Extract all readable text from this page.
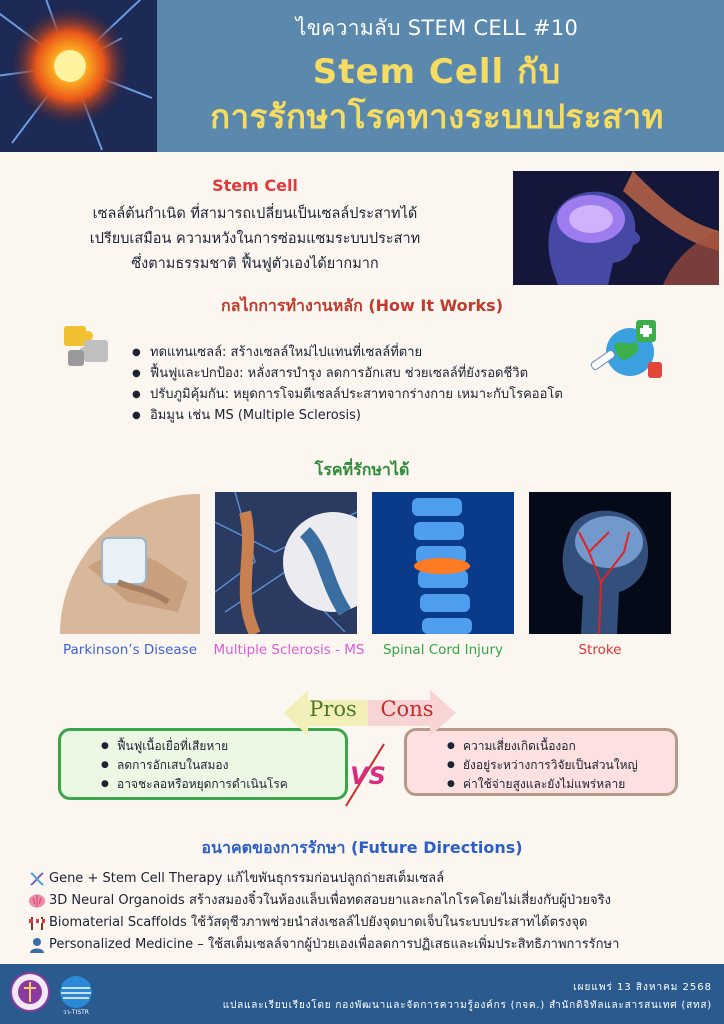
ไขความลับ STEM CELL #10
Stem Cell กับ
การรักษาโรคทางระบบประสาท
Stem Cell
เซลล์ต้นกำเนิด ที่สามารถเปลี่ยนเป็นเซลล์ประสาทได้
เปรียบเสมือน ความหวังในการซ่อมแซมระบบประสาท
ซึ่งตามธรรมชาติ ฟื้นฟูตัวเองได้ยากมาก
กลไกการทำงานหลัก (How It Works)
● ทดแทนเซลล์: สร้างเซลล์ใหม่ไปแทนที่เซลล์ที่ตาย
● ฟื้นฟูและปกป้อง: หลั่งสารบำรุง ลดการอักเสบ ช่วยเซลล์ที่ยังรอดชีวิต
● ปรับภูมิคุ้มกัน: หยุดการโจมตีเซลล์ประสาทจากร่างกาย เหมาะกับโรคออโต
● อิมมูน เช่น MS (Multiple Sclerosis)
โรคที่รักษาได้
Parkinson’s Disease	Multiple Sclerosis - MS	Spinal Cord Injury	Stroke
● ฟื้นฟูเนื้อเยื่อที่เสียหาย
● ลดการอักเสบในสมอง
● อาจชะลอหรือหยุดการดำเนินโรค
● ความเสี่ยงเกิดเนื้องอก
● ยังอยู่ระหว่างการวิจัยเป็นส่วนใหญ่
● ค่าใช้จ่ายสูงและยังไม่แพร่หลาย
Pros	Cons
VS
อนาคตของการรักษา (Future Directions)
Gene + Stem Cell Therapy แก้ไขพันธุกรรมก่อนปลูกถ่ายสเต็มเซลล์
3D Neural Organoids สร้างสมองจิ๋วในห้องแล็บเพื่อทดสอบยาและกลไกโรคโดยไม่เสี่ยงกับผู้ป่วยจริง
Biomaterial Scaffolds ใช้วัสดุชีวภาพช่วยนำส่งเซลล์ไปยังจุดบาดเจ็บในระบบประสาทได้ตรงจุด
Personalized Medicine – ใช้สเต็มเซลล์จากผู้ป่วยเองเพื่อลดการปฏิเสธและเพิ่มประสิทธิภาพการรักษา
วว-TISTR
เผยแพร่ 13 สิงหาคม 2568
แปลและเรียบเรียงโดย กองพัฒนาและจัดการความรู้องค์กร (กจค.) สำนักดิจิทัลและสารสนเทศ (สทส)
